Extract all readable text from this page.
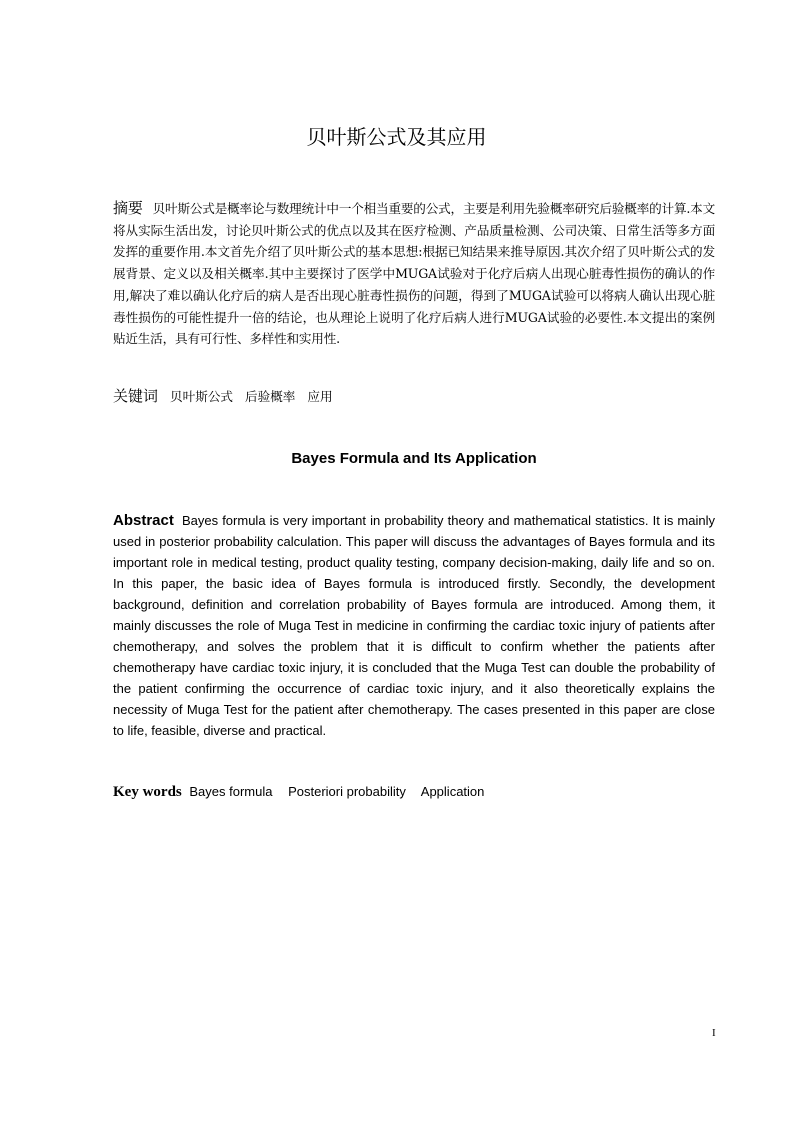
贝叶斯公式及其应用
摘要 贝叶斯公式是概率论与数理统计中一个相当重要的公式，主要是利用先验概率研究后验概率的计算.本文将从实际生活出发，讨论贝叶斯公式的优点以及其在医疗检测、产品质量检测、公司决策、日常生活等多方面发挥的重要作用.本文首先介绍了贝叶斯公式的基本思想:根据已知结果来推导原因.其次介绍了贝叶斯公式的发展背景、定义以及相关概率.其中主要探讨了医学中MUGA试验对于化疗后病人出现心脏毒性损伤的确认的作用,解决了难以确认化疗后的病人是否出现心脏毒性损伤的问题，得到了MUGA试验可以将病人确认出现心脏毒性损伤的可能性提升一倍的结论，也从理论上说明了化疗后病人进行MUGA试验的必要性.本文提出的案例贴近生活，具有可行性、多样性和实用性.
关键词 贝叶斯公式 后验概率 应用
Bayes Formula and Its Application
Abstract Bayes formula is very important in probability theory and mathematical statistics. It is mainly used in posterior probability calculation. This paper will discuss the advantages of Bayes formula and its important role in medical testing, product quality testing, company decision-making, daily life and so on. In this paper, the basic idea of Bayes formula is introduced firstly. Secondly, the development background, definition and correlation probability of Bayes formula are introduced. Among them, it mainly discusses the role of Muga Test in medicine in confirming the cardiac toxic injury of patients after chemotherapy, and solves the problem that it is difficult to confirm whether the patients after chemotherapy have cardiac toxic injury, it is concluded that the Muga Test can double the probability of the patient confirming the occurrence of cardiac toxic injury, and it also theoretically explains the necessity of Muga Test for the patient after chemotherapy. The cases presented in this paper are close to life, feasible, diverse and practical.
Key words Bayes formula Posteriori probability Application
I
